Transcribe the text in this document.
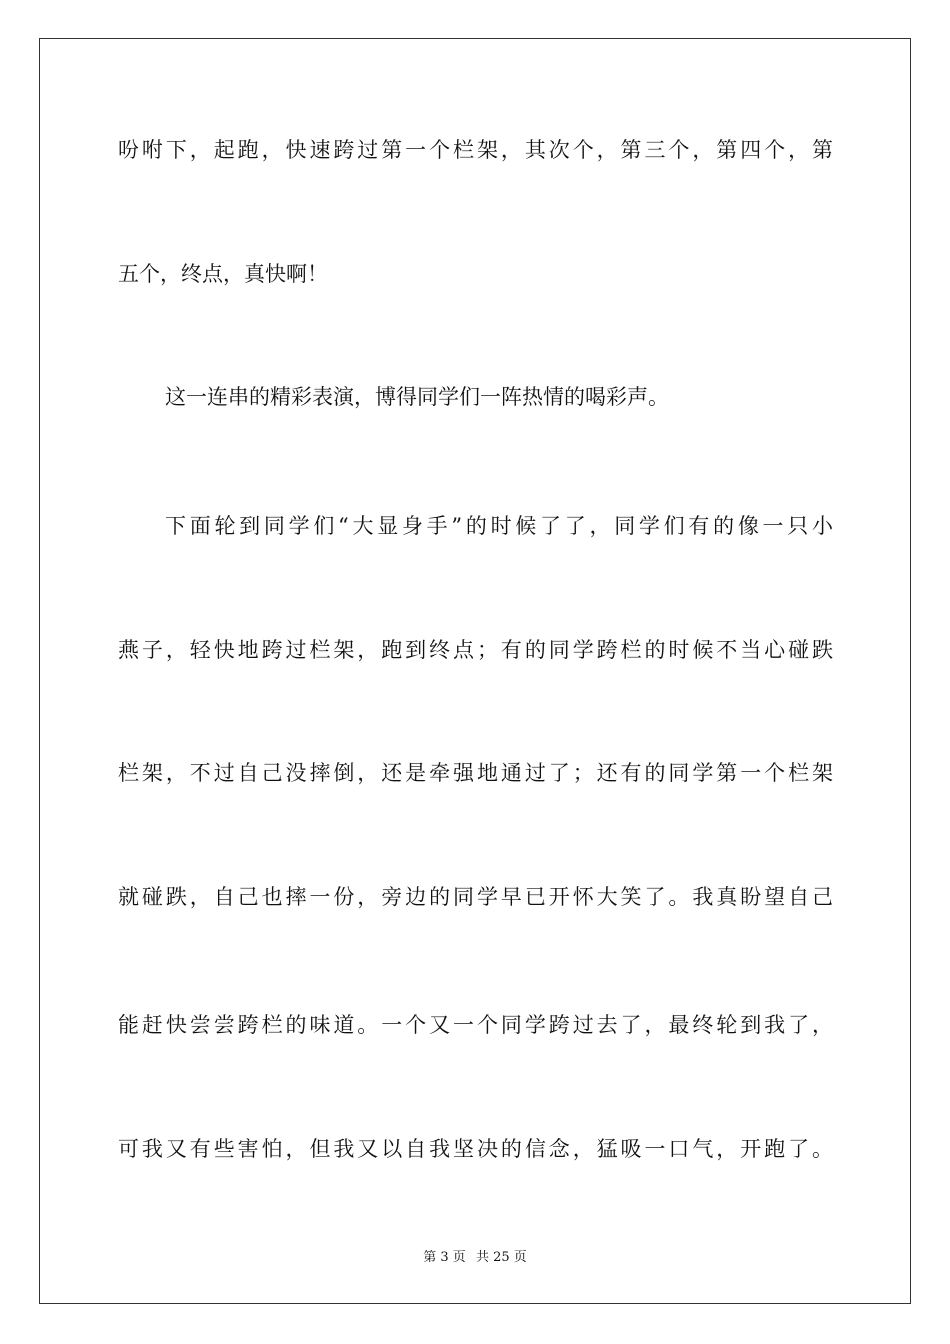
吩咐下，起跑，快速跨过第一个栏架，其次个，第三个，第四个，第
五个，终点，真快啊！
这一连串的精彩表演，博得同学们一阵热情的喝彩声。
下面轮到同学们“大显身手”的时候了了，同学们有的像一只小
燕子，轻快地跨过栏架，跑到终点；有的同学跨栏的时候不当心碰跌
栏架，不过自己没摔倒，还是牵强地通过了；还有的同学第一个栏架
就碰跌，自己也摔一份，旁边的同学早已开怀大笑了。我真盼望自己
能赶快尝尝跨栏的味道。一个又一个同学跨过去了，最终轮到我了，
可我又有些害怕，但我又以自我坚决的信念，猛吸一口气，开跑了。
第 3 页 共 25 页
